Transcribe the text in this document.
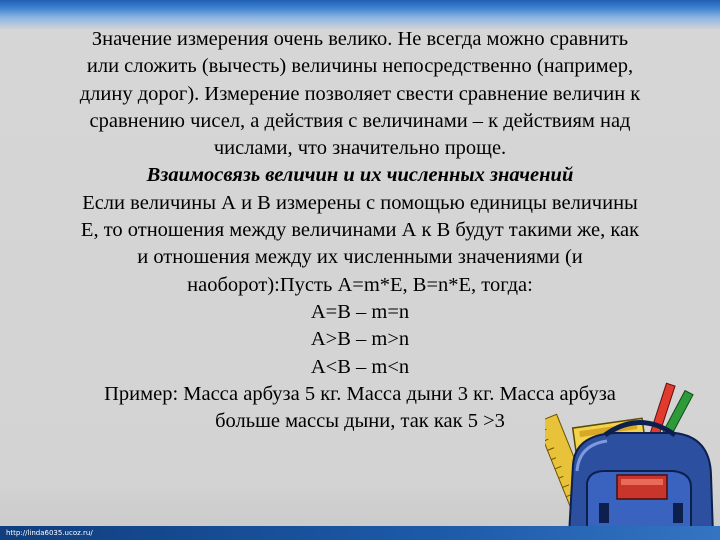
Значение измерения очень велико. Не всегда можно сравнить
или сложить (вычесть) величины непосредственно (например,
длину дорог). Измерение позволяет свести сравнение величин к
сравнению чисел, а действия с величинами – к действиям над
числами, что значительно проще.
Взаимосвязь величин и их численных значений
Если величины А и В измерены с помощью единицы величины
Е, то отношения между величинами А к В будут такими же, как
и отношения между их численными значениями (и
наоборот):Пусть А=m*E, B=n*E, тогда:
A=B – m=n
A>B – m>n
A<B – m<n
Пример: Масса арбуза 5 кг. Масса дыни 3 кг. Масса арбуза
больше массы дыни, так как 5 >3
http://linda6035.ucoz.ru/
